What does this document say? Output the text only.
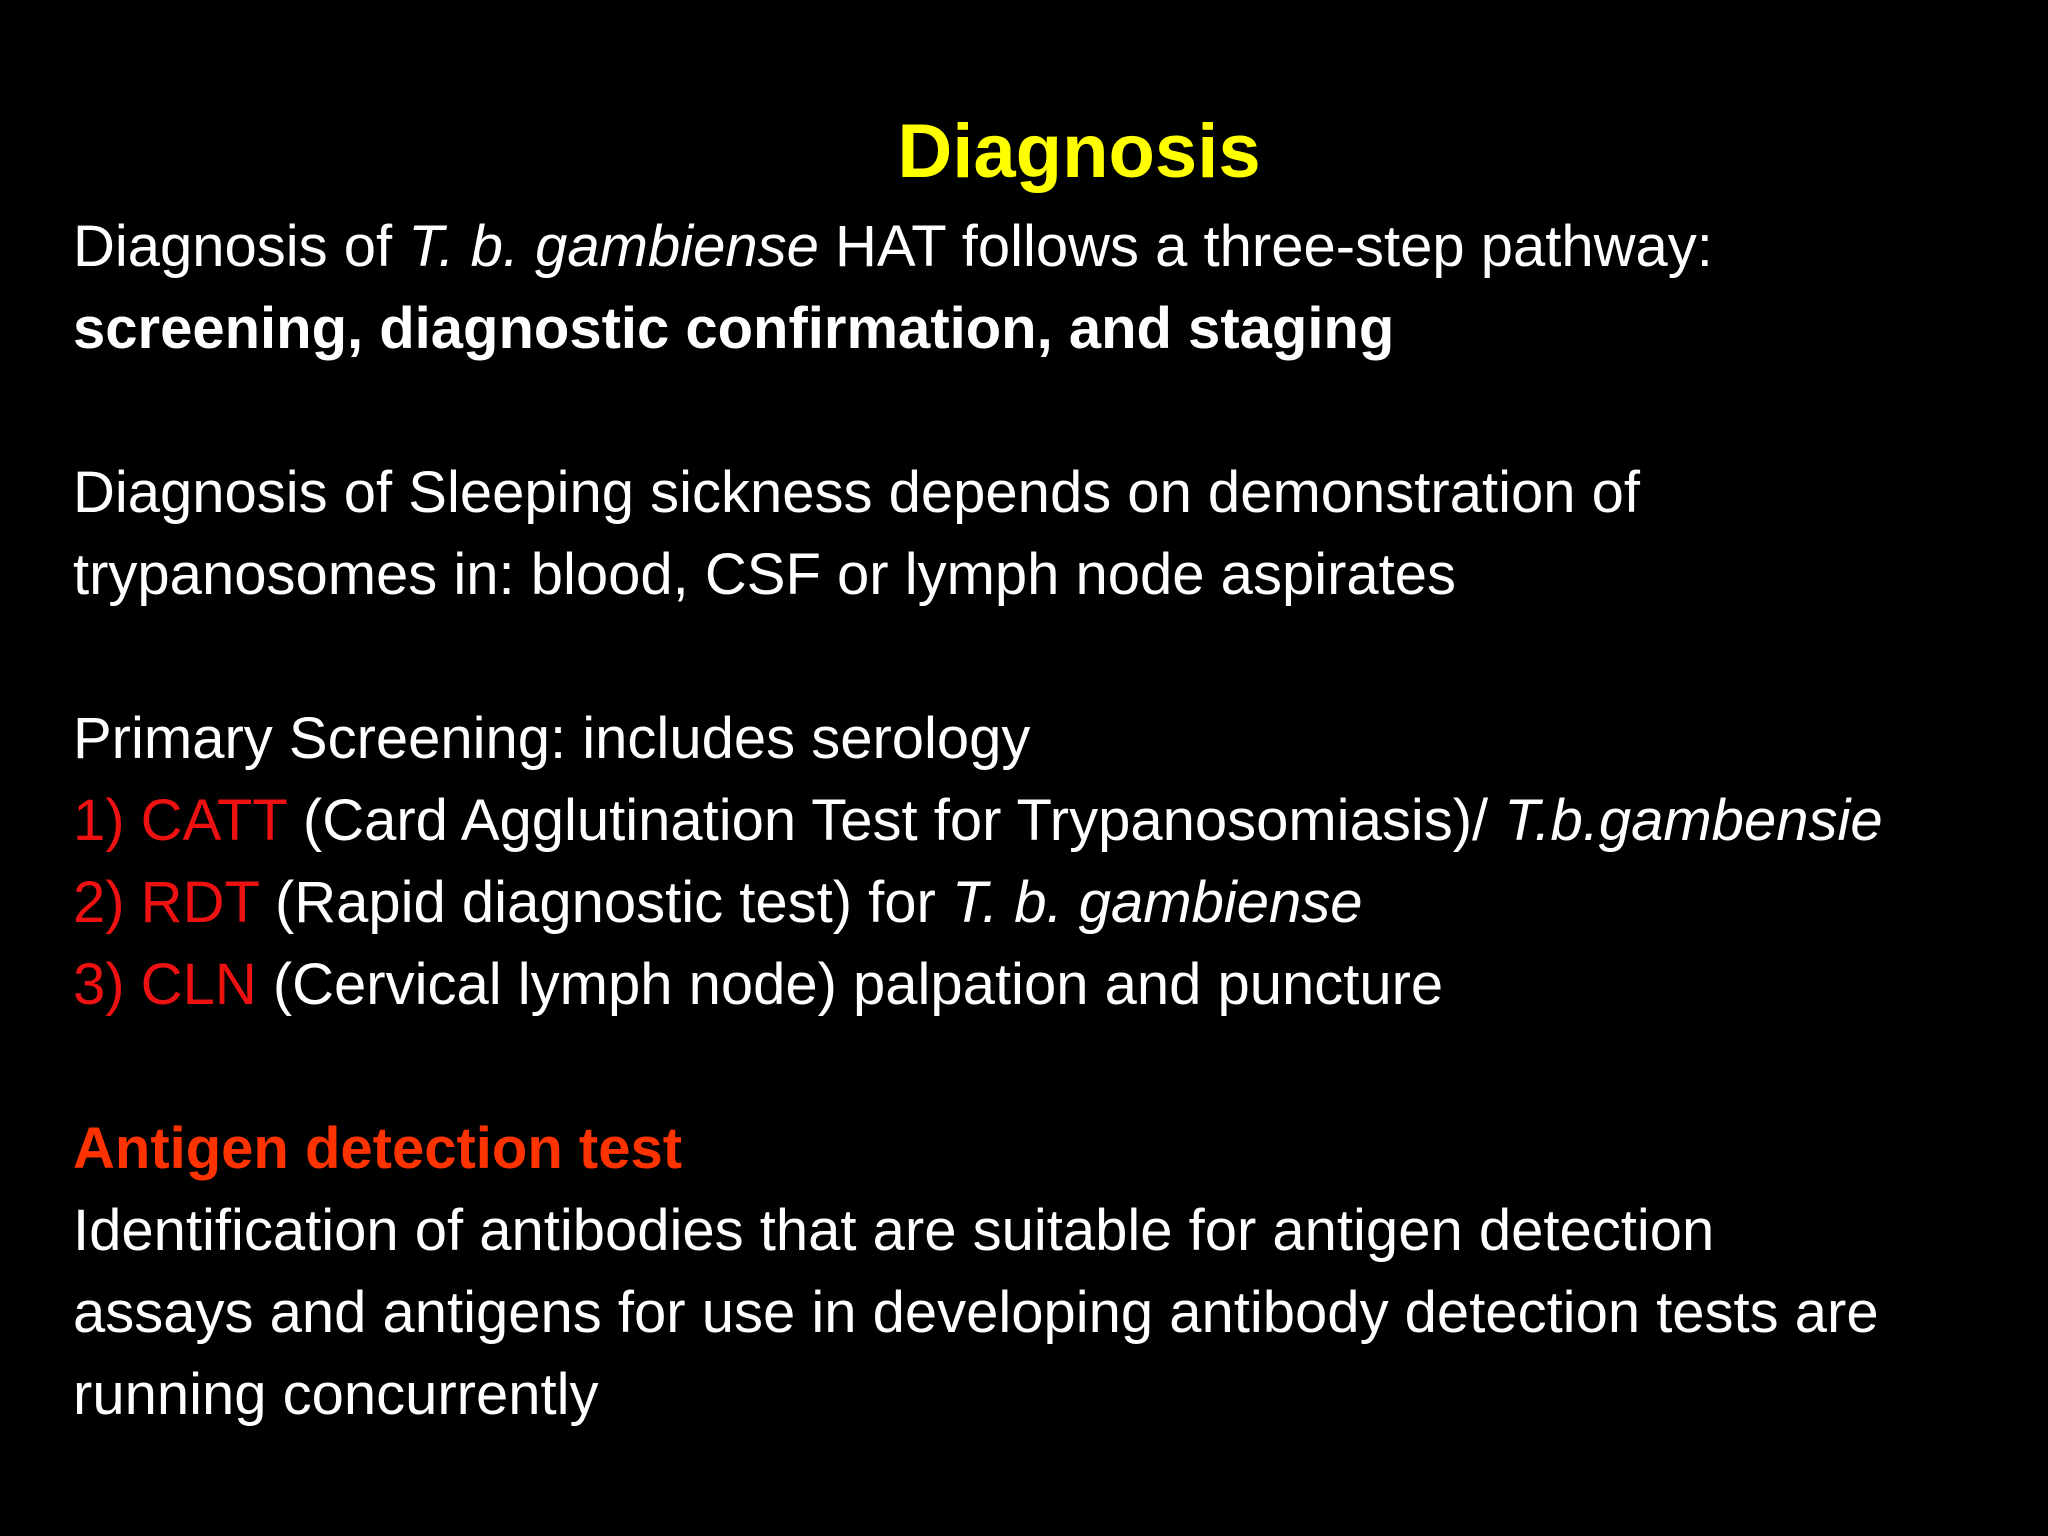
Diagnosis
Diagnosis of T. b. gambiense HAT follows a three-step pathway:
screening, diagnostic confirmation, and staging
Diagnosis of Sleeping sickness depends on demonstration of
trypanosomes in: blood, CSF or lymph node aspirates
Primary Screening: includes serology
1) CATT (Card Agglutination Test for Trypanosomiasis)/ T.b.gambensie
2) RDT (Rapid diagnostic test) for T. b. gambiense
3) CLN (Cervical lymph node) palpation and puncture
Antigen detection test
Identification of antibodies that are suitable for antigen detection
assays and antigens for use in developing antibody detection tests are
running concurrently
